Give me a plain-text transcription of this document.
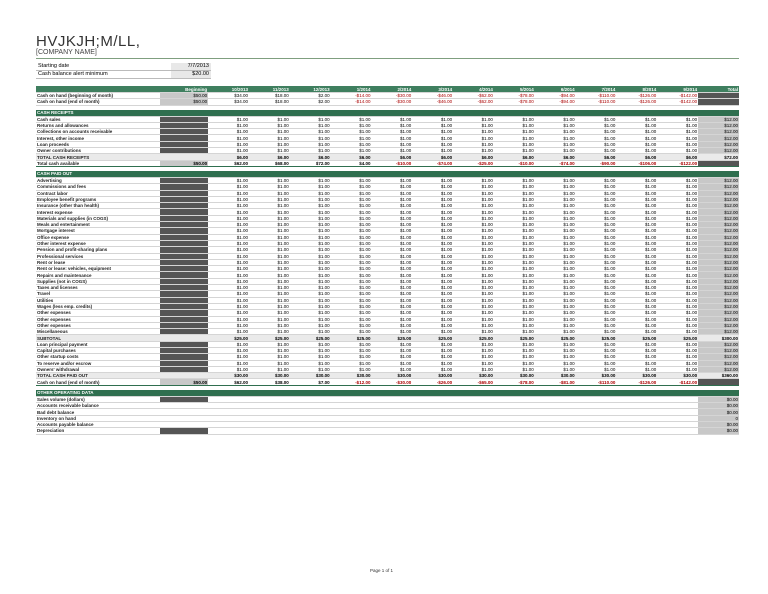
HVJKJH;M/LL,
[COMPANY NAME]
Starting date	7/7/2013
Cash balance alert minimum	$20.00
	Beginning	10/2013	11/2013	12/2013	1/2014	2/2014	3/2014	4/2014	5/2014	6/2014	7/2014	8/2014	9/2014	Total
Cash on hand (beginning of month)	$50.00	$34.00	$18.00	$2.00	-$14.00	-$30.00	-$46.00	-$62.00	-$78.00	-$94.00	-$110.00	-$126.00	-$142.00	
Cash on hand (end of month)	$50.00	$34.00	$18.00	$2.00	-$14.00	-$30.00	-$46.00	-$62.00	-$78.00	-$94.00	-$110.00	-$126.00	-$142.00	

CASH RECEIPTS														
Cash sales		$1.00	$1.00	$1.00	$1.00	$1.00	$1.00	$1.00	$1.00	$1.00	$1.00	$1.00	$1.00	$12.00
Returns and allowances		$1.00	$1.00	$1.00	$1.00	$1.00	$1.00	$1.00	$1.00	$1.00	$1.00	$1.00	$1.00	$12.00
Collections on accounts receivable		$1.00	$1.00	$1.00	$1.00	$1.00	$1.00	$1.00	$1.00	$1.00	$1.00	$1.00	$1.00	$12.00
Interest, other income		$1.00	$1.00	$1.00	$1.00	$1.00	$1.00	$1.00	$1.00	$1.00	$1.00	$1.00	$1.00	$12.00
Loan proceeds		$1.00	$1.00	$1.00	$1.00	$1.00	$1.00	$1.00	$1.00	$1.00	$1.00	$1.00	$1.00	$12.00
Owner contributions		$1.00	$1.00	$1.00	$1.00	$1.00	$1.00	$1.00	$1.00	$1.00	$1.00	$1.00	$1.00	$12.00
TOTAL CASH RECEIPTS		$6.00	$6.00	$6.00	$6.00	$6.00	$6.00	$6.00	$6.00	$6.00	$6.00	$6.00	$6.00	$72.00
Total cash available	$50.00	$62.00	$68.00	$72.00	$4.00	-$10.00	-$74.00	-$25.00	-$10.00	-$74.00	-$90.00	-$106.00	-$122.00	

CASH PAID OUT														
Advertising		$1.00	$1.00	$1.00	$1.00	$1.00	$1.00	$1.00	$1.00	$1.00	$1.00	$1.00	$1.00	$12.00
Commissions and fees		$1.00	$1.00	$1.00	$1.00	$1.00	$1.00	$1.00	$1.00	$1.00	$1.00	$1.00	$1.00	$12.00
Contract labor		$1.00	$1.00	$1.00	$1.00	$1.00	$1.00	$1.00	$1.00	$1.00	$1.00	$1.00	$1.00	$12.00
Employee benefit programs		$1.00	$1.00	$1.00	$1.00	$1.00	$1.00	$1.00	$1.00	$1.00	$1.00	$1.00	$1.00	$12.00
Insurance (other than health)		$1.00	$1.00	$1.00	$1.00	$1.00	$1.00	$1.00	$1.00	$1.00	$1.00	$1.00	$1.00	$12.00
Interest expense		$1.00	$1.00	$1.00	$1.00	$1.00	$1.00	$1.00	$1.00	$1.00	$1.00	$1.00	$1.00	$12.00
Materials and supplies (in COGS)		$1.00	$1.00	$1.00	$1.00	$1.00	$1.00	$1.00	$1.00	$1.00	$1.00	$1.00	$1.00	$12.00
Meals and entertainment		$1.00	$1.00	$1.00	$1.00	$1.00	$1.00	$1.00	$1.00	$1.00	$1.00	$1.00	$1.00	$12.00
Mortgage interest		$1.00	$1.00	$1.00	$1.00	$1.00	$1.00	$1.00	$1.00	$1.00	$1.00	$1.00	$1.00	$12.00
Office expense		$1.00	$1.00	$1.00	$1.00	$1.00	$1.00	$1.00	$1.00	$1.00	$1.00	$1.00	$1.00	$12.00
Other interest expense		$1.00	$1.00	$1.00	$1.00	$1.00	$1.00	$1.00	$1.00	$1.00	$1.00	$1.00	$1.00	$12.00
Pension and profit-sharing plans		$1.00	$1.00	$1.00	$1.00	$1.00	$1.00	$1.00	$1.00	$1.00	$1.00	$1.00	$1.00	$12.00
Professional services		$1.00	$1.00	$1.00	$1.00	$1.00	$1.00	$1.00	$1.00	$1.00	$1.00	$1.00	$1.00	$12.00
Rent or lease		$1.00	$1.00	$1.00	$1.00	$1.00	$1.00	$1.00	$1.00	$1.00	$1.00	$1.00	$1.00	$12.00
Rent or lease: vehicles, equipment		$1.00	$1.00	$1.00	$1.00	$1.00	$1.00	$1.00	$1.00	$1.00	$1.00	$1.00	$1.00	$12.00
Repairs and maintenance		$1.00	$1.00	$1.00	$1.00	$1.00	$1.00	$1.00	$1.00	$1.00	$1.00	$1.00	$1.00	$12.00
Supplies (not in COGS)		$1.00	$1.00	$1.00	$1.00	$1.00	$1.00	$1.00	$1.00	$1.00	$1.00	$1.00	$1.00	$12.00
Taxes and licenses		$1.00	$1.00	$1.00	$1.00	$1.00	$1.00	$1.00	$1.00	$1.00	$1.00	$1.00	$1.00	$12.00
Travel		$1.00	$1.00	$1.00	$1.00	$1.00	$1.00	$1.00	$1.00	$1.00	$1.00	$1.00	$1.00	$12.00
Utilities		$1.00	$1.00	$1.00	$1.00	$1.00	$1.00	$1.00	$1.00	$1.00	$1.00	$1.00	$1.00	$12.00
Wages (less emp. credits)		$1.00	$1.00	$1.00	$1.00	$1.00	$1.00	$1.00	$1.00	$1.00	$1.00	$1.00	$1.00	$12.00
Other expenses		$1.00	$1.00	$1.00	$1.00	$1.00	$1.00	$1.00	$1.00	$1.00	$1.00	$1.00	$1.00	$12.00
Other expenses		$1.00	$1.00	$1.00	$1.00	$1.00	$1.00	$1.00	$1.00	$1.00	$1.00	$1.00	$1.00	$12.00
Other expenses		$1.00	$1.00	$1.00	$1.00	$1.00	$1.00	$1.00	$1.00	$1.00	$1.00	$1.00	$1.00	$12.00
Miscellaneous		$1.00	$1.00	$1.00	$1.00	$1.00	$1.00	$1.00	$1.00	$1.00	$1.00	$1.00	$1.00	$12.00
SUBTOTAL		$25.00	$25.00	$25.00	$25.00	$25.00	$25.00	$25.00	$25.00	$25.00	$25.00	$25.00	$25.00	$300.00
Loan principal payment		$1.00	$1.00	$1.00	$1.00	$1.00	$1.00	$1.00	$1.00	$1.00	$1.00	$1.00	$1.00	$12.00
Capital purchases		$1.00	$1.00	$1.00	$1.00	$1.00	$1.00	$1.00	$1.00	$1.00	$1.00	$1.00	$1.00	$12.00
Other startup costs		$1.00	$1.00	$1.00	$1.00	$1.00	$1.00	$1.00	$1.00	$1.00	$1.00	$1.00	$1.00	$12.00
To reserve and/or escrow		$1.00	$1.00	$1.00	$1.00	$1.00	$1.00	$1.00	$1.00	$1.00	$1.00	$1.00	$1.00	$12.00
Owners' withdrawal		$1.00	$1.00	$1.00	$1.00	$1.00	$1.00	$1.00	$1.00	$1.00	$1.00	$1.00	$1.00	$12.00
TOTAL CASH PAID OUT		$30.00	$30.00	$30.00	$30.00	$30.00	$30.00	$30.00	$30.00	$30.00	$30.00	$30.00	$30.00	$360.00
Cash on hand (end of month)	$50.00	$62.00	$38.00	$7.00	-$12.00	-$30.00	-$26.00	-$65.00	-$78.00	-$81.00	-$110.00	-$126.00	-$142.00	

OTHER OPERATING DATA														
Sales volume (dollars)														$0.00
Accounts receivable balance														$0.00
Bad debt balance														$0.00
Inventory on hand														0
Accounts payable balance														$0.00
Depreciation														$0.00
Page 1 of 1
